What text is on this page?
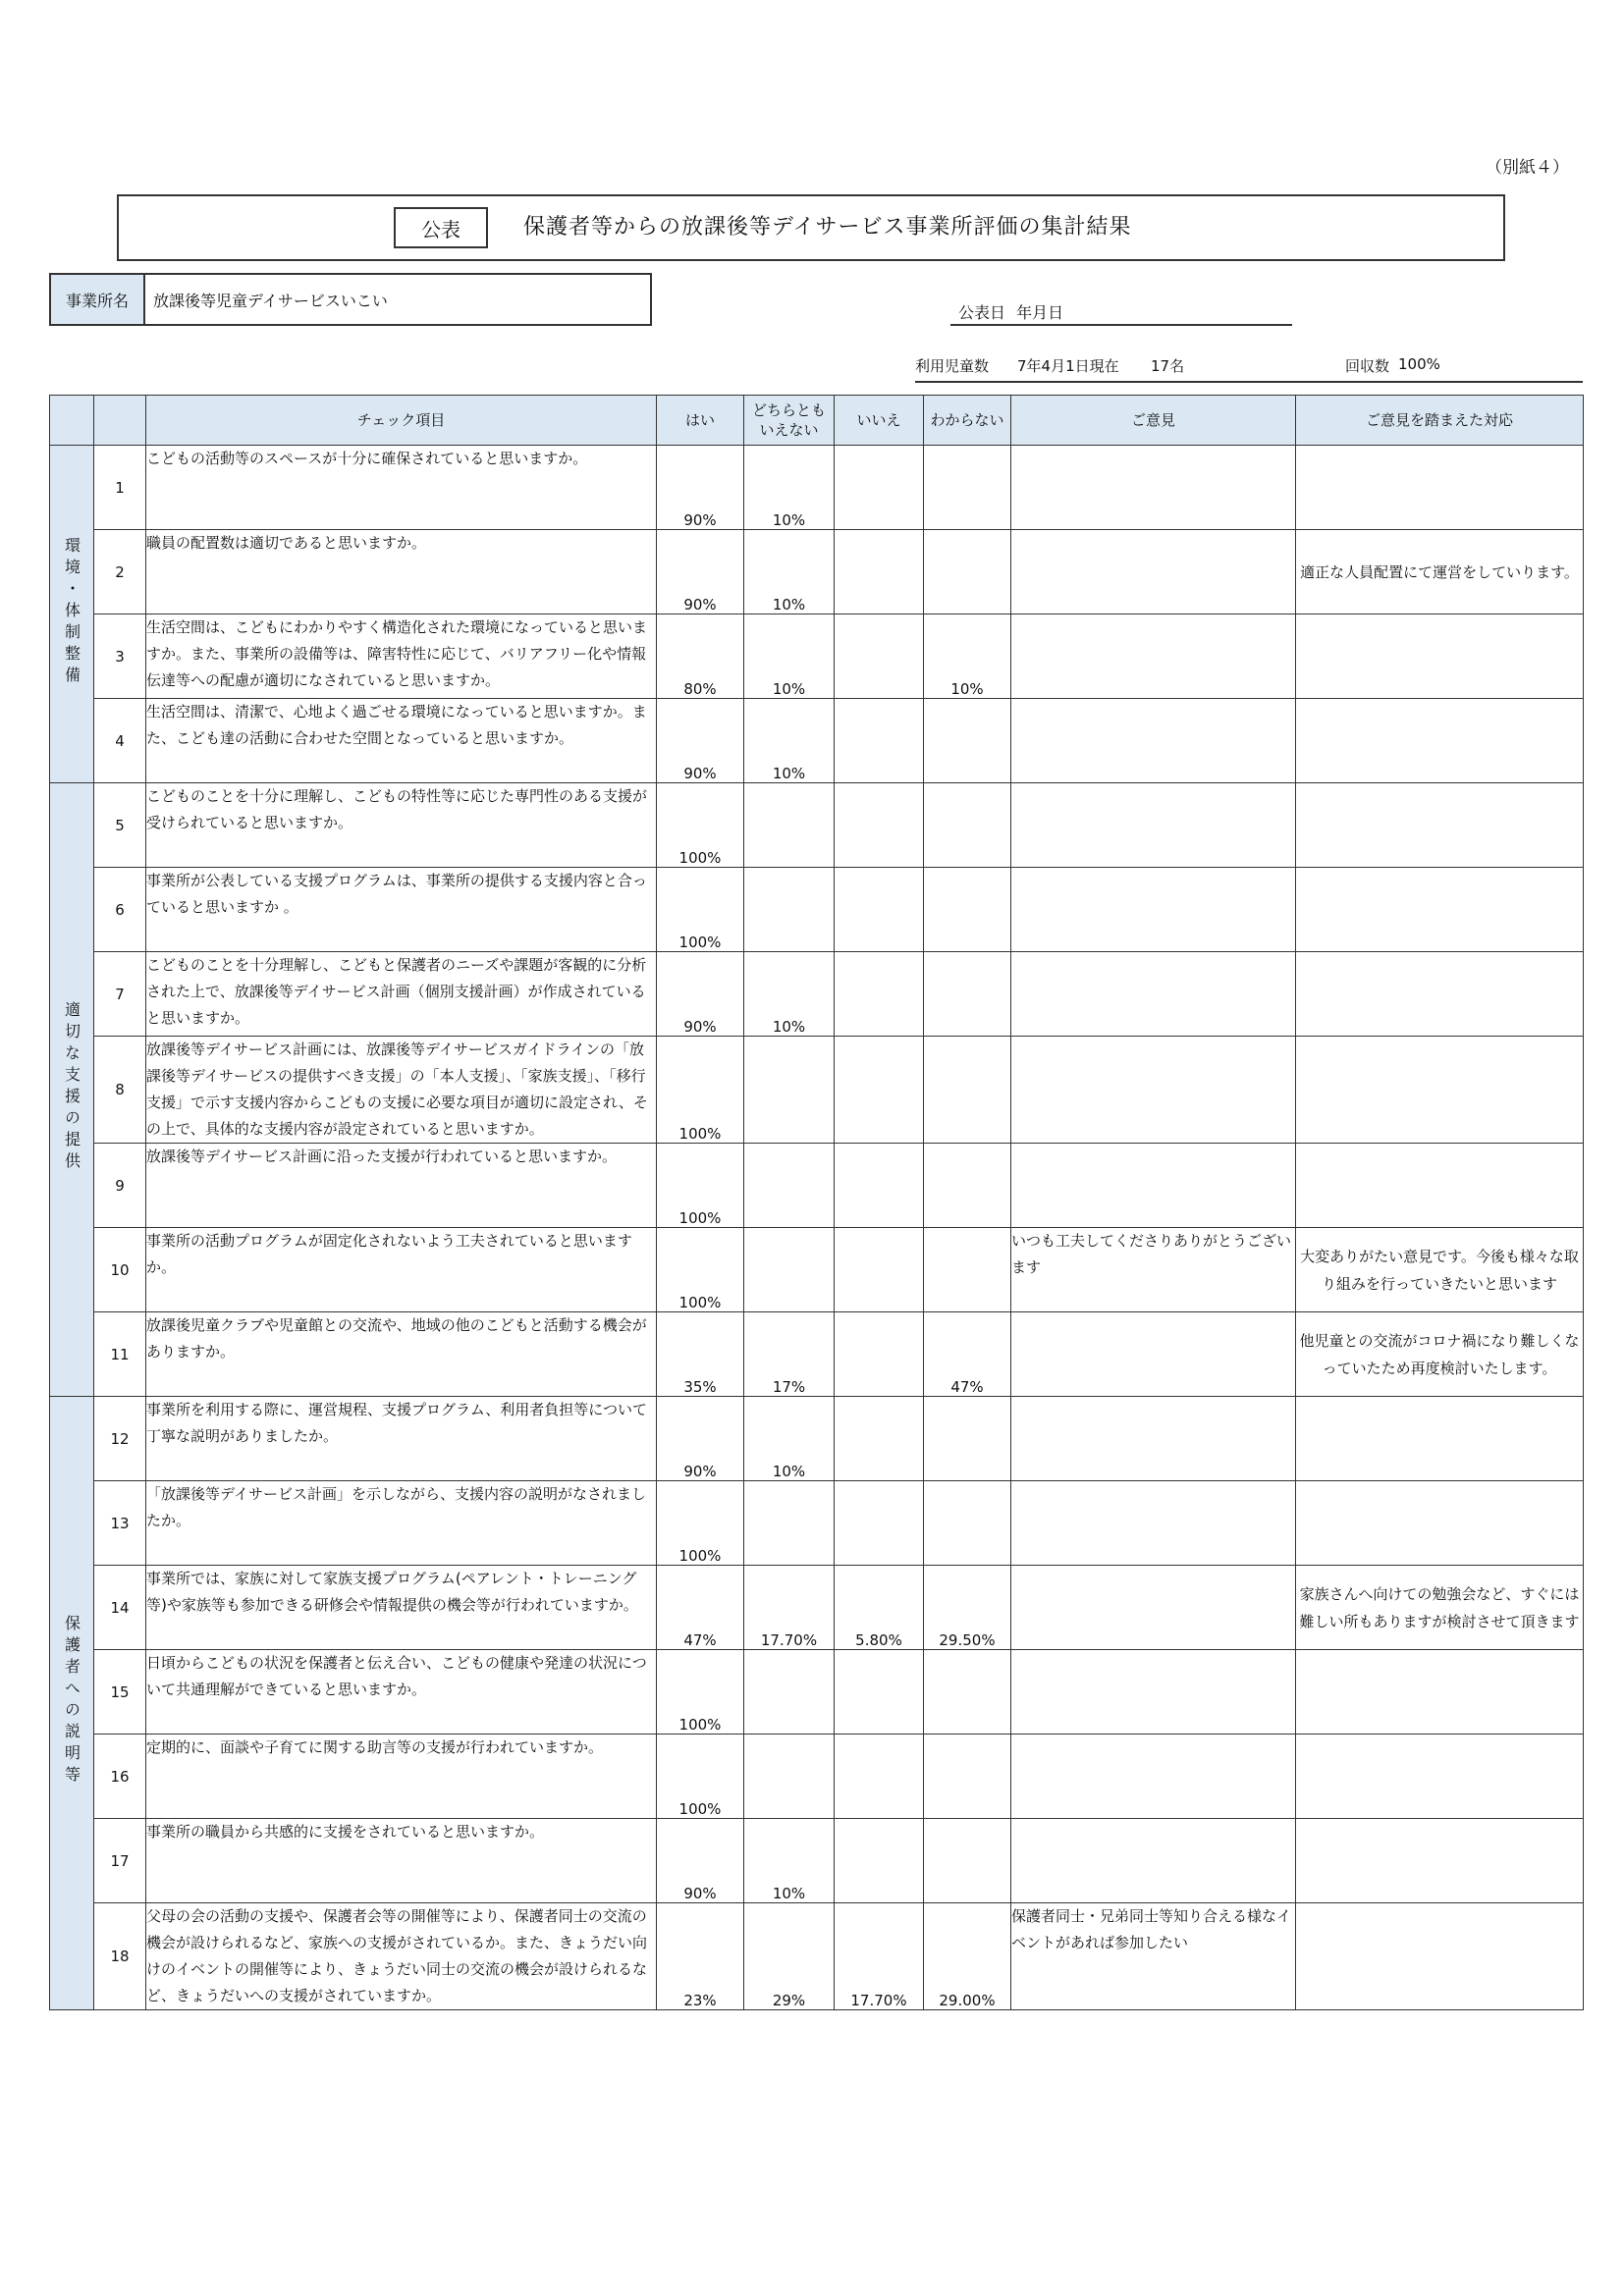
（別紙４）
公表	保護者等からの放課後等デイサービス事業所評価の集計結果
事業所名	放課後等児童デイサービスいこい
公表日 年月日
利用児童数 7年4月1日現在 17名	回収数 100%
		チェック項目	はい	どちらとも
いえない	いいえ	わからない	ご意見	ご意見を踏まえた対応
環境・体制整備	1	こどもの活動等のスペースが十分に確保されていると思いますか。	90%	10%				
	2	職員の配置数は適切であると思いますか。	90%	10%				適正な人員配置にて運営をしていります。
	3	生活空間は、こどもにわかりやすく構造化された環境になっていると思いますか。また、事業所の設備等は、障害特性に応じて、バリアフリー化や情報伝達等への配慮が適切になされていると思いますか。	80%	10%		10%		
	4	生活空間は、清潔で、心地よく過ごせる環境になっていると思いますか。また、こども達の活動に合わせた空間となっていると思いますか。	90%	10%				
適切な支援の提供	5	こどものことを十分に理解し、こどもの特性等に応じた専門性のある支援が受けられていると思いますか。	100%					
	6	事業所が公表している支援プログラムは、事業所の提供する支援内容と合っていると思いますか 。	100%					
	7	こどものことを十分理解し、こどもと保護者のニーズや課題が客観的に分析された上で、放課後等デイサービス計画（個別支援計画）が作成されていると思いますか。	90%	10%				
	8	放課後等デイサービス計画には、放課後等デイサービスガイドラインの「放課後等デイサービスの提供すべき支援」の「本人支援」、「家族支援」、「移行支援」で示す支援内容からこどもの支援に必要な項目が適切に設定され、その上で、具体的な支援内容が設定されていると思いますか。	100%					
	9	放課後等デイサービス計画に沿った支援が行われていると思いますか。	100%					
	10	事業所の活動プログラムが固定化されないよう工夫されていると思いますか。	100%				いつも工夫してくださりありがとうございます	大変ありがたい意見です。今後も様々な取り組みを行っていきたいと思います
	11	放課後児童クラブや児童館との交流や、地域の他のこどもと活動する機会がありますか。	35%	17%		47%		他児童との交流がコロナ禍になり難しくなっていたため再度検討いたします。
保護者への説明等	12	事業所を利用する際に、運営規程、支援プログラム、利用者負担等について丁寧な説明がありましたか。	90%	10%				
	13	「放課後等デイサービス計画」を示しながら、支援内容の説明がなされましたか。	100%					
	14	事業所では、家族に対して家族支援プログラム(ペアレント・トレーニング等)や家族等も参加できる研修会や情報提供の機会等が行われていますか。	47%	17.70%	5.80%	29.50%		家族さんへ向けての勉強会など、すぐには難しい所もありますが検討させて頂きます
	15	日頃からこどもの状況を保護者と伝え合い、こどもの健康や発達の状況について共通理解ができていると思いますか。	100%					
	16	定期的に、面談や子育てに関する助言等の支援が行われていますか。	100%					
	17	事業所の職員から共感的に支援をされていると思いますか。	90%	10%				
	18	父母の会の活動の支援や、保護者会等の開催等により、保護者同士の交流の機会が設けられるなど、家族への支援がされているか。また、きょうだい向けのイベントの開催等により、きょうだい同士の交流の機会が設けられるなど、きょうだいへの支援がされていますか。	23%	29%	17.70%	29.00%	保護者同士・兄弟同士等知り合える様なイベントがあれば参加したい	
